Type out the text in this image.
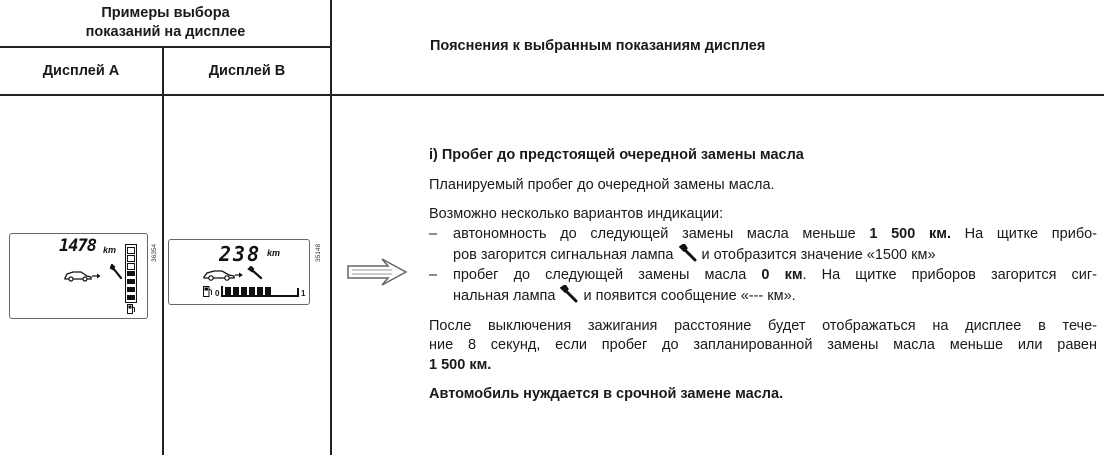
Примеры выбора
показаний на дисплее
Дисплей A	Дисплей B
Пояснения к выбранным показаниям дисплея
1478 km	36354	238 km
0	1
35148

i) Пробег до предстоящей очередной замены масла

Планируемый пробег до очередной замены масла.

Возможно несколько вариантов индикации:

–	автономность до следующей замены масла меньше 1 500 км. На щитке прибо-
ров загорится сигнальная лампа  и отобразится значение «1500 км»
–	пробег до следующей замены масла 0 км. На щитке приборов загорится сиг-
нальная лампа  и появится сообщение «--- км».
После выключения зажигания расстояние будет отображаться на дисплее в тече-
ние 8 секунд, если пробег до запланированной замены масла меньше или равен
1 500 км.

Автомобиль нуждается в срочной замене масла.
